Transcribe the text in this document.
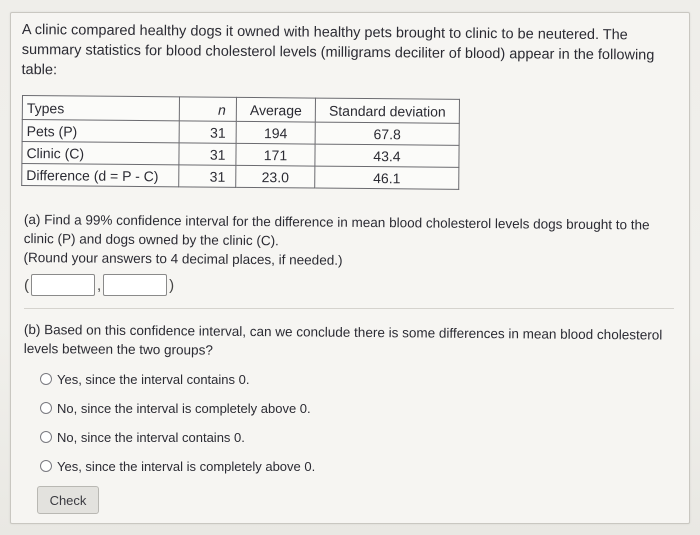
A clinic compared healthy dogs it owned with healthy pets brought to clinic to be neutered. The summary statistics for blood cholesterol levels (milligrams deciliter of blood) appear in the following table:
Types	n	Average	Standard deviation
Pets (P)	31	194	67.8
Clinic (C)	31	171	43.4
Difference (d = P - C)	31	23.0	46.1
(a) Find a 99% confidence interval for the difference in mean blood cholesterol levels dogs brought to the clinic (P) and dogs owned by the clinic (C).
(Round your answers to 4 decimal places, if needed.)
(	,	)
(b) Based on this confidence interval, can we conclude there is some differences in mean blood cholesterol levels between the two groups?
Yes, since the interval contains 0.
No, since the interval is completely above 0.
No, since the interval contains 0.
Yes, since the interval is completely above 0.
Check
